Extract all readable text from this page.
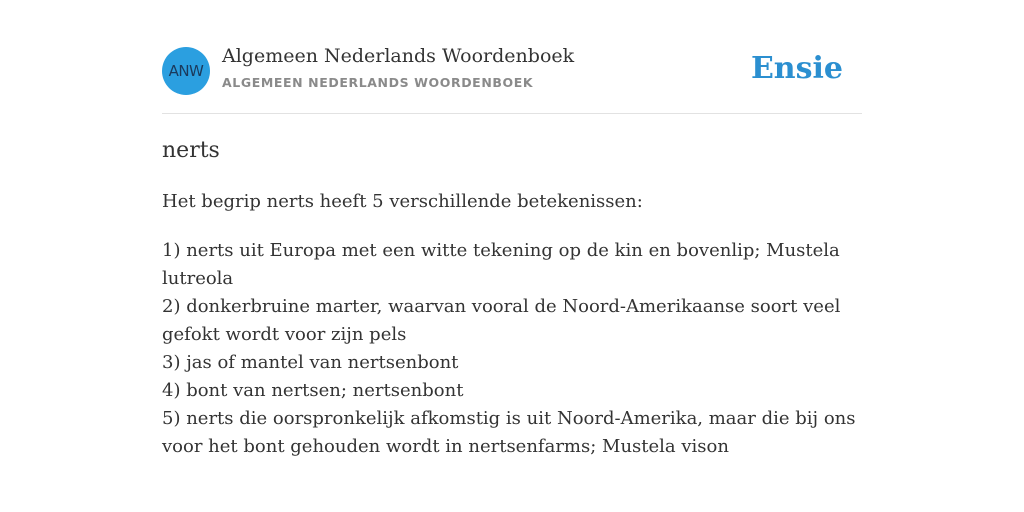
ANW
Algemeen Nederlands Woordenboek
ALGEMEEN NEDERLANDS WOORDENBOEK	Ensie
nerts

Het begrip nerts heeft 5 verschillende betekenissen:

1) nerts uit Europa met een witte tekening op de kin en bovenlip; Mustela lutreola
2) donkerbruine marter, waarvan vooral de Noord-Amerikaanse soort veel gefokt wordt voor zijn pels
3) jas of mantel van nertsenbont
4) bont van nertsen; nertsenbont
5) nerts die oorspronkelijk afkomstig is uit Noord-Amerika, maar die bij ons voor het bont gehouden wordt in nertsenfarms; Mustela vison
